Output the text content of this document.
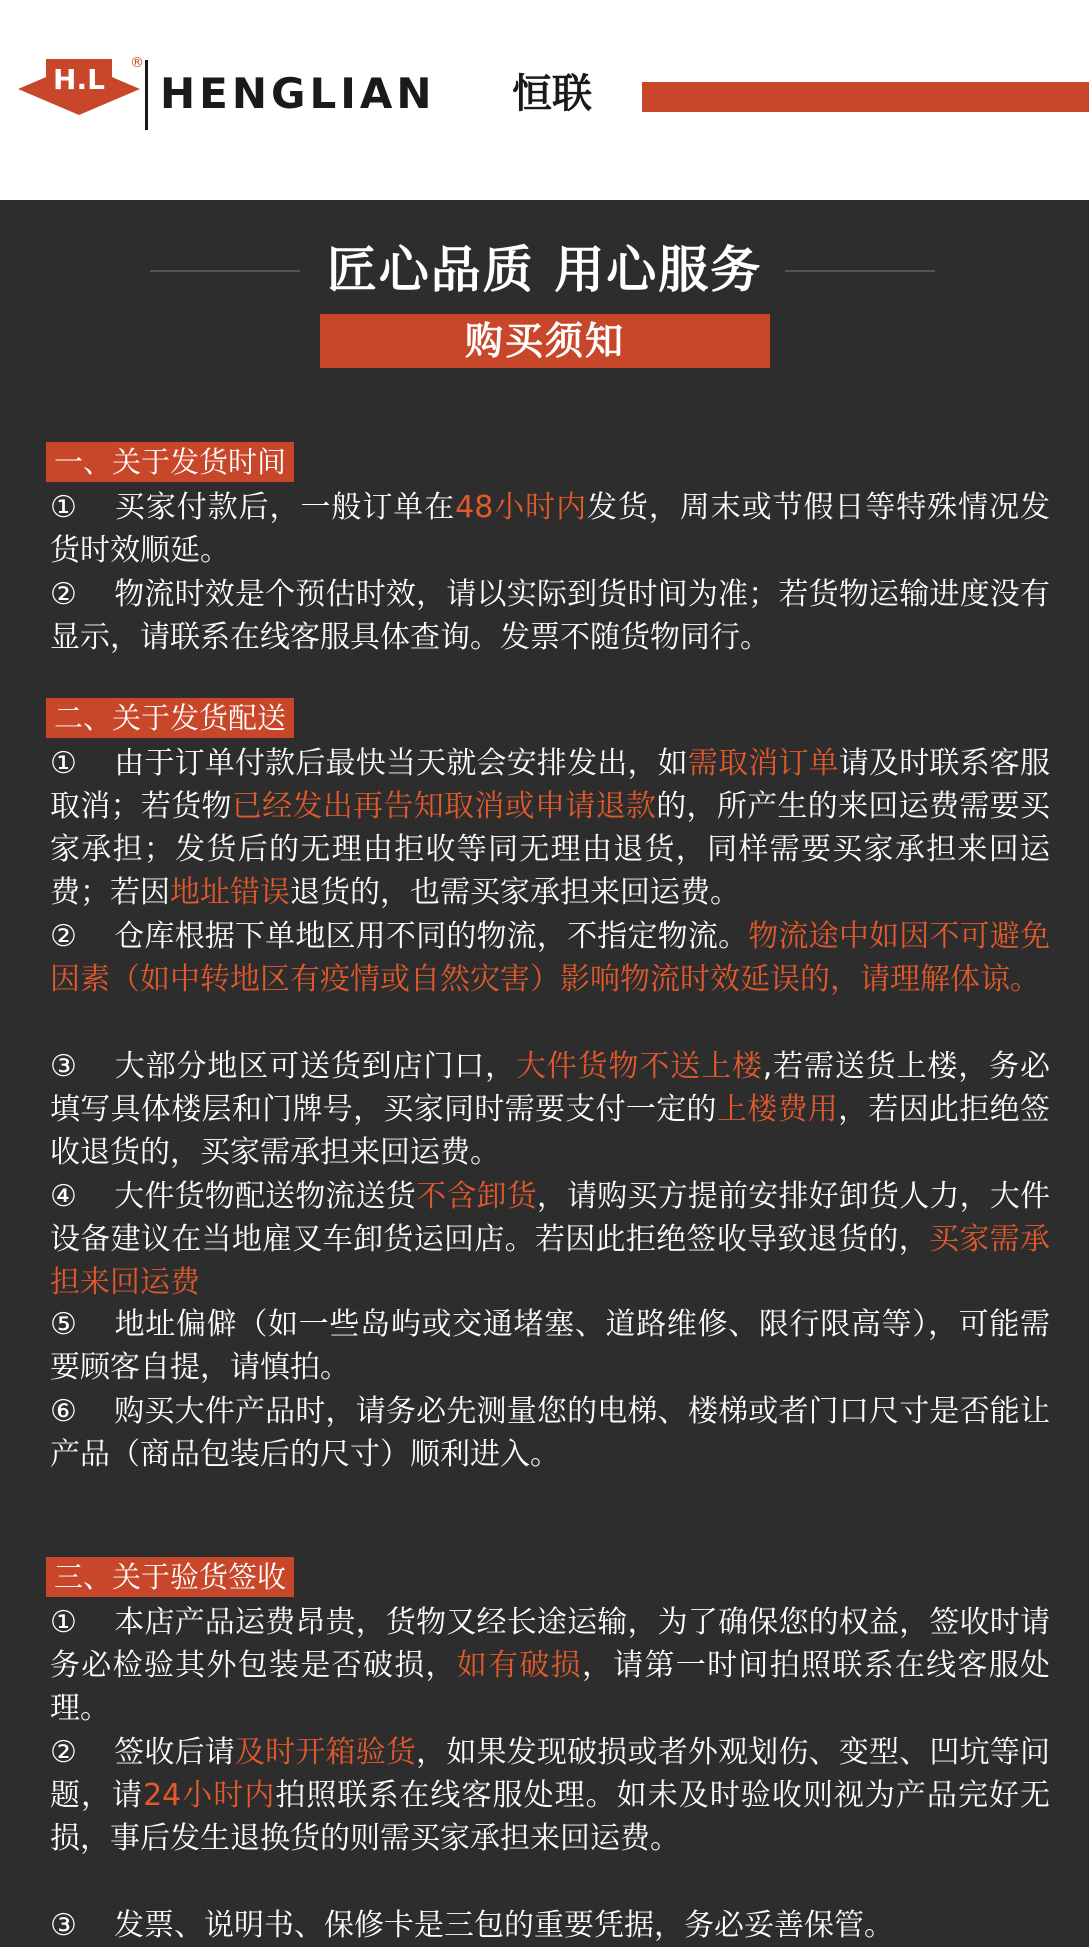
H.L ®
HENGLIAN 恒联
匠心品质 用心服务
购买须知
一、关于发货时间
① 买家付款后，一般订单在48小时内发货，周末或节假日等特殊情况发货时效顺延。
② 物流时效是个预估时效，请以实际到货时间为准；若货物运输进度没有显示，请联系在线客服具体查询。发票不随货物同行。
二、关于发货配送
① 由于订单付款后最快当天就会安排发出，如需取消订单请及时联系客服取消；若货物已经发出再告知取消或申请退款的，所产生的来回运费需要买家承担；发货后的无理由拒收等同无理由退货，同样需要买家承担来回运费；若因地址错误退货的，也需买家承担来回运费。
② 仓库根据下单地区用不同的物流，不指定物流。物流途中如因不可避免因素（如中转地区有疫情或自然灾害）影响物流时效延误的，请理解体谅。
③ 大部分地区可送货到店门口，大件货物不送上楼,若需送货上楼，务必填写具体楼层和门牌号，买家同时需要支付一定的上楼费用，若因此拒绝签收退货的，买家需承担来回运费。
④ 大件货物配送物流送货不含卸货，请购买方提前安排好卸货人力，大件设备建议在当地雇叉车卸货运回店。若因此拒绝签收导致退货的，买家需承担来回运费
⑤ 地址偏僻（如一些岛屿或交通堵塞、道路维修、限行限高等），可能需要顾客自提，请慎拍。
⑥ 购买大件产品时，请务必先测量您的电梯、楼梯或者门口尺寸是否能让产品（商品包装后的尺寸）顺利进入。
三、关于验货签收
① 本店产品运费昂贵，货物又经长途运输，为了确保您的权益，签收时请务必检验其外包装是否破损，如有破损，请第一时间拍照联系在线客服处理。
② 签收后请及时开箱验货，如果发现破损或者外观划伤、变型、凹坑等问题，请24小时内拍照联系在线客服处理。如未及时验收则视为产品完好无损，事后发生退换货的则需买家承担来回运费。
③ 发票、说明书、保修卡是三包的重要凭据，务必妥善保管。
